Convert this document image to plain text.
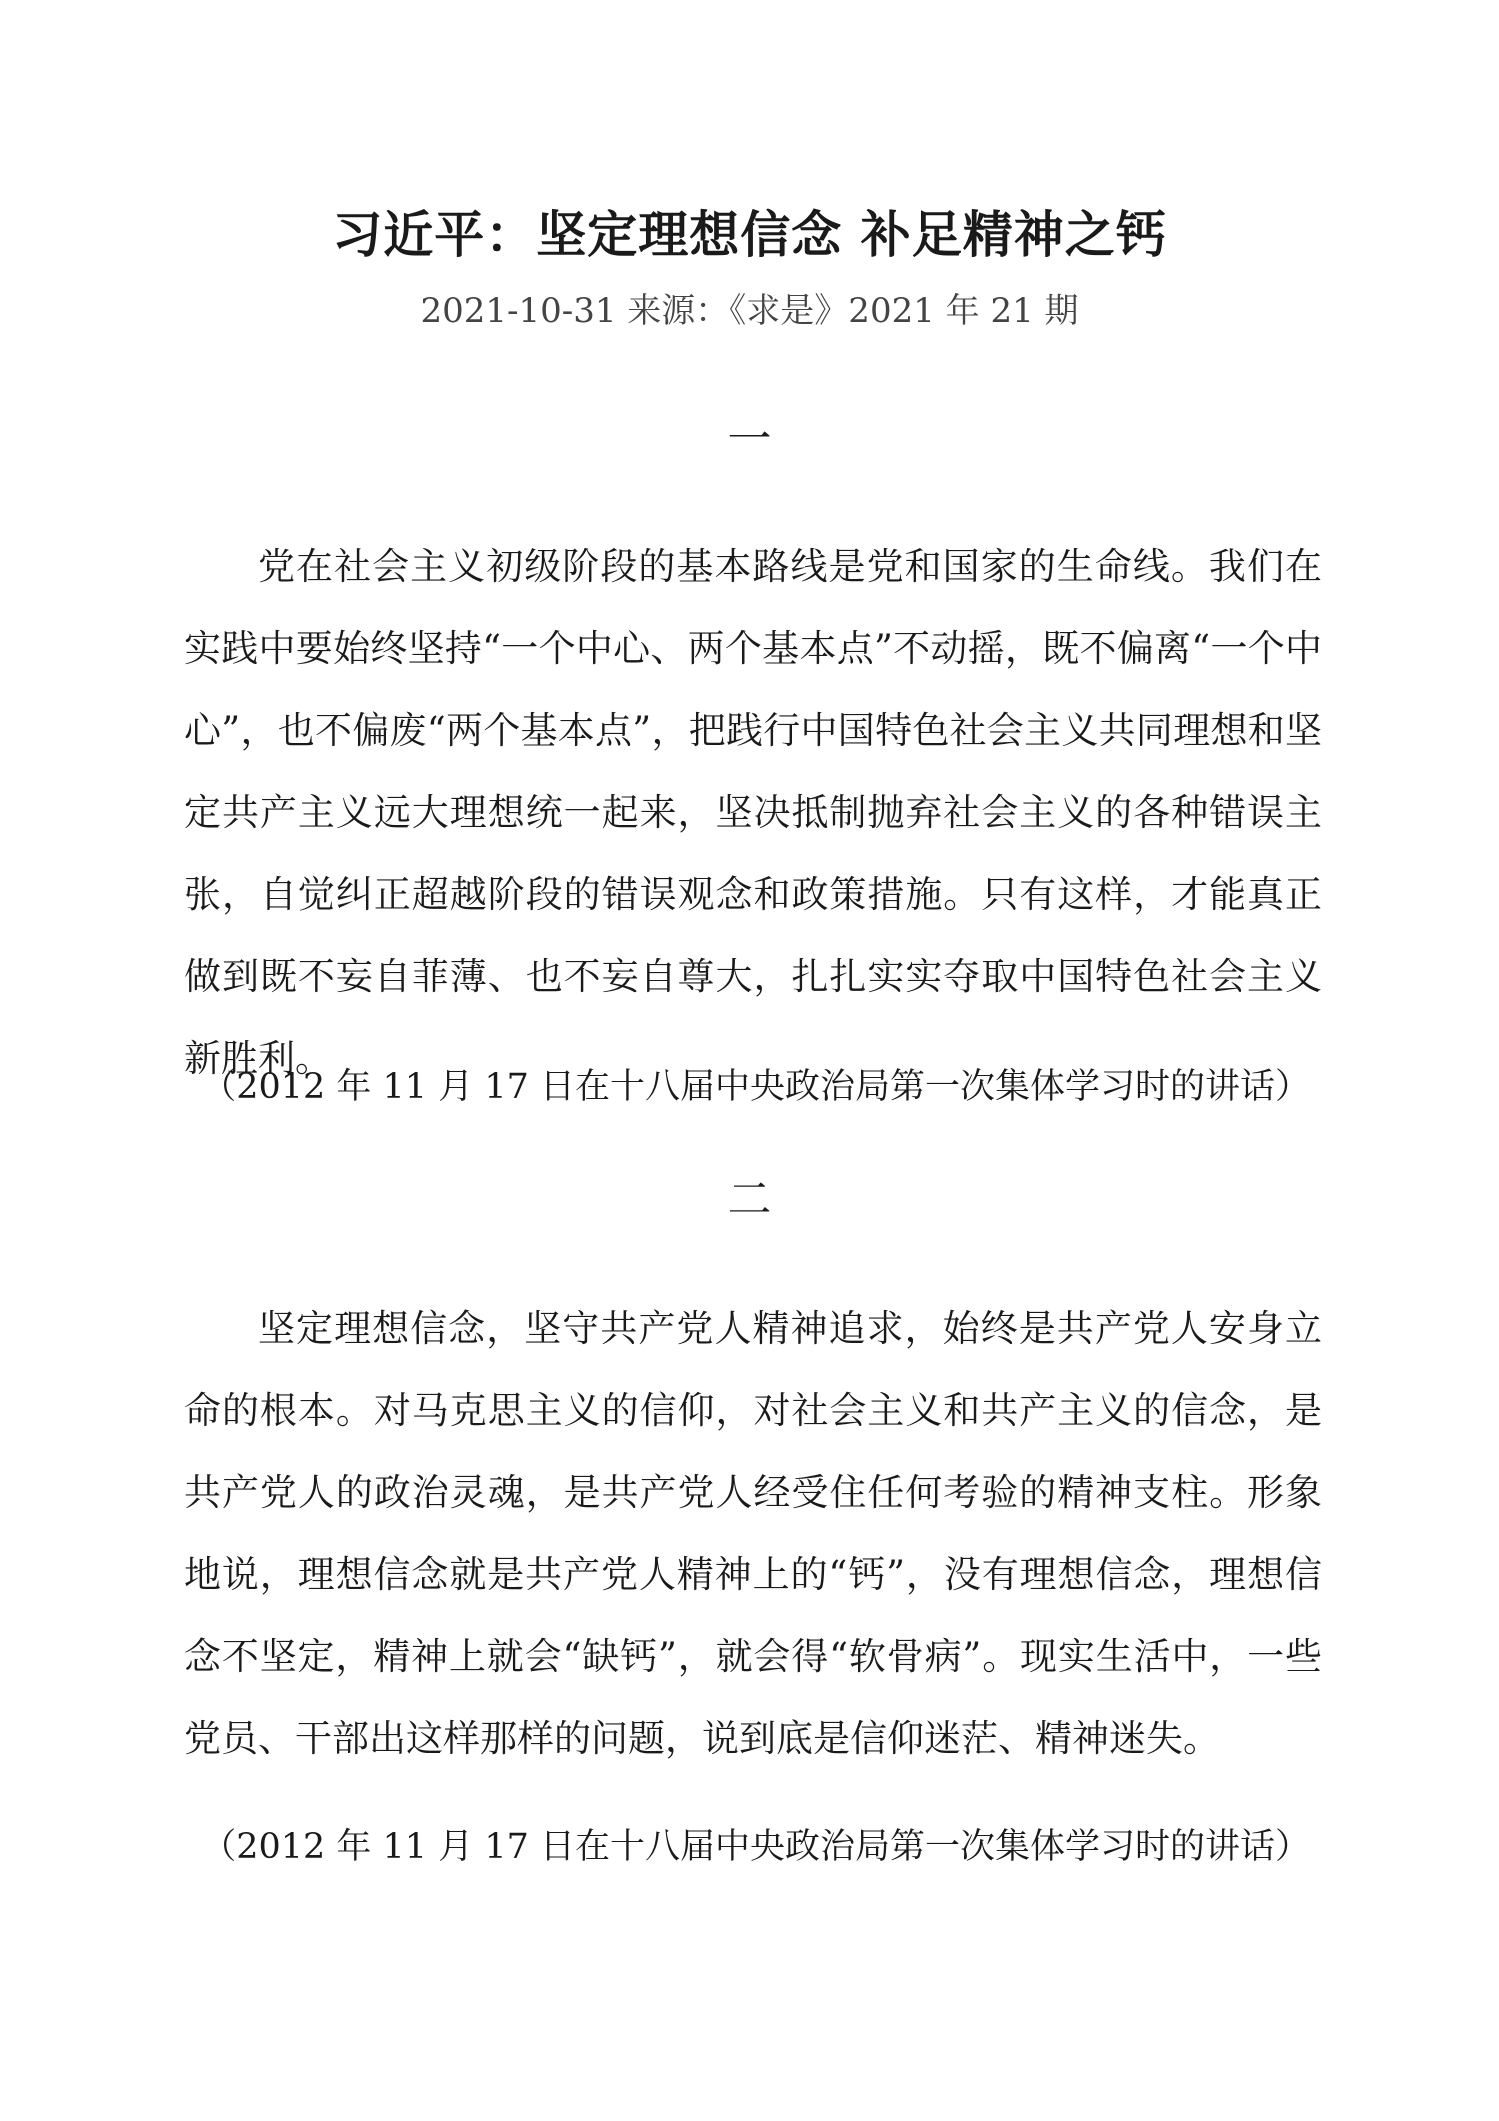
习近平：坚定理想信念 补足精神之钙
2021-10-31 来源：《求是》2021 年 21 期
一

党在社会主义初级阶段的基本路线是党和国家的生命线。我们在实践中要始终坚持“一个中心、两个基本点”不动摇，既不偏离“一个中心”，也不偏废“两个基本点”，把践行中国特色社会主义共同理想和坚定共产主义远大理想统一起来，坚决抵制抛弃社会主义的各种错误主张，自觉纠正超越阶段的错误观念和政策措施。只有这样，才能真正做到既不妄自菲薄、也不妄自尊大，扎扎实实夺取中国特色社会主义新胜利。

（2012 年 11 月 17 日在十八届中央政治局第一次集体学习时的讲话）
二

坚定理想信念，坚守共产党人精神追求，始终是共产党人安身立命的根本。对马克思主义的信仰，对社会主义和共产主义的信念，是共产党人的政治灵魂，是共产党人经受住任何考验的精神支柱。形象地说，理想信念就是共产党人精神上的“钙”，没有理想信念，理想信念不坚定，精神上就会“缺钙”，就会得“软骨病”。现实生活中，一些党员、干部出这样那样的问题，说到底是信仰迷茫、精神迷失。

（2012 年 11 月 17 日在十八届中央政治局第一次集体学习时的讲话）
